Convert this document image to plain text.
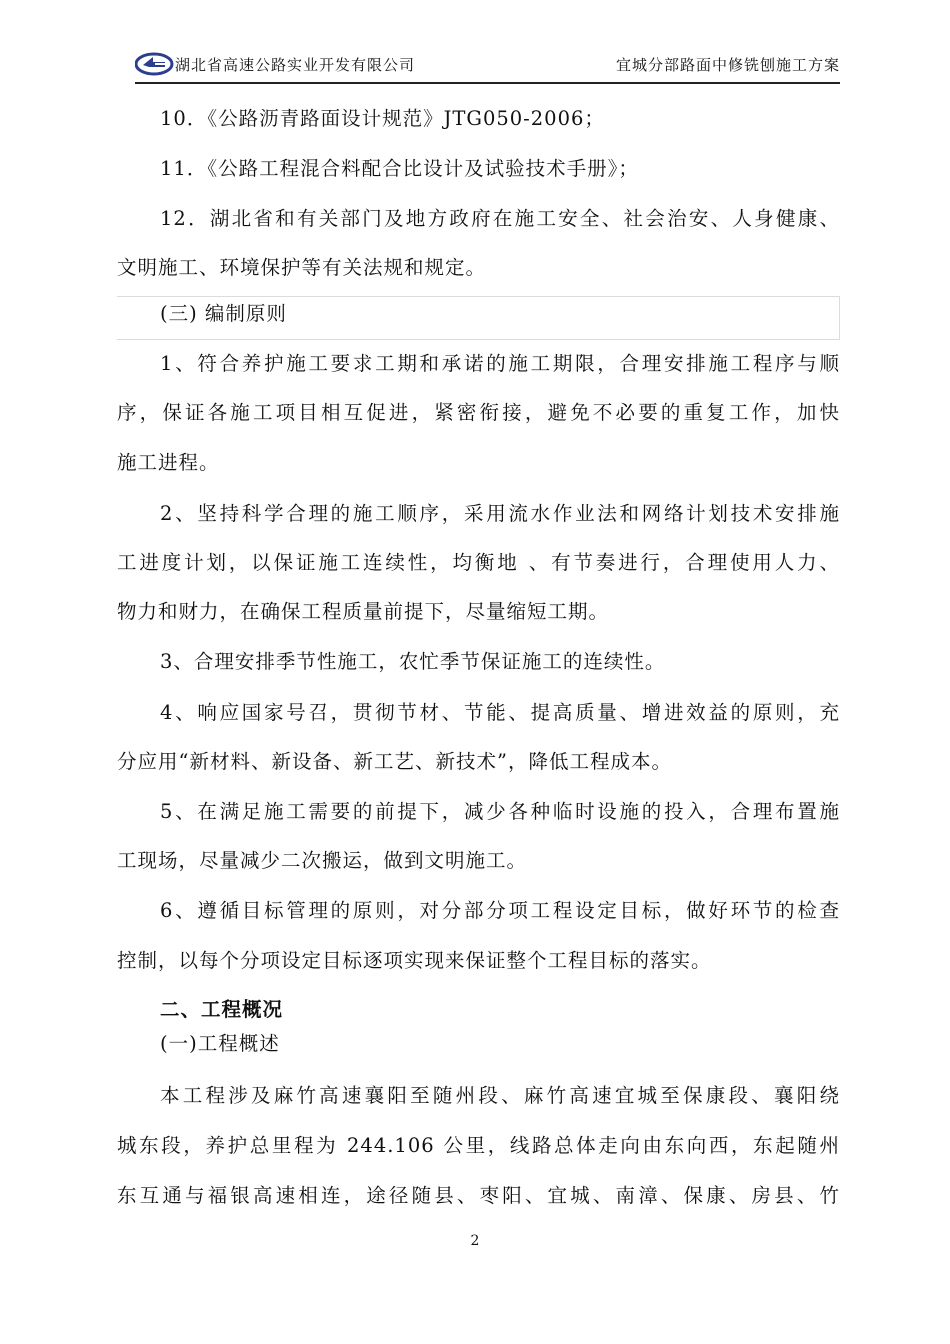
湖北省高速公路实业开发有限公司	宜城分部路面中修铣刨施工方案
10．《公路沥青路面设计规范》JTG050-2006；
11．《公路工程混合料配合比设计及试验技术手册》；
12．湖北省和有关部门及地方政府在施工安全、社会治安、人身健康、
文明施工、环境保护等有关法规和规定。
(三) 编制原则
1、符合养护施工要求工期和承诺的施工期限，合理安排施工程序与顺
序，保证各施工项目相互促进，紧密衔接，避免不必要的重复工作，加快
施工进程。
2、坚持科学合理的施工顺序，采用流水作业法和网络计划技术安排施
工进度计划，以保证施工连续性，均衡地 、有节奏进行，合理使用人力、
物力和财力，在确保工程质量前提下，尽量缩短工期。
3、合理安排季节性施工，农忙季节保证施工的连续性。
4、响应国家号召，贯彻节材、节能、提高质量、增进效益的原则，充
分应用“新材料、新设备、新工艺、新技术”，降低工程成本。
5、在满足施工需要的前提下，减少各种临时设施的投入，合理布置施
工现场，尽量减少二次搬运，做到文明施工。
6、遵循目标管理的原则，对分部分项工程设定目标，做好环节的检查
控制，以每个分项设定目标逐项实现来保证整个工程目标的落实。
二、工程概况
(一)工程概述
本工程涉及麻竹高速襄阳至随州段、麻竹高速宜城至保康段、襄阳绕
城东段，养护总里程为 244.106 公里，线路总体走向由东向西，东起随州
东互通与福银高速相连，途径随县、枣阳、宜城、南漳、保康、房县、竹
2
